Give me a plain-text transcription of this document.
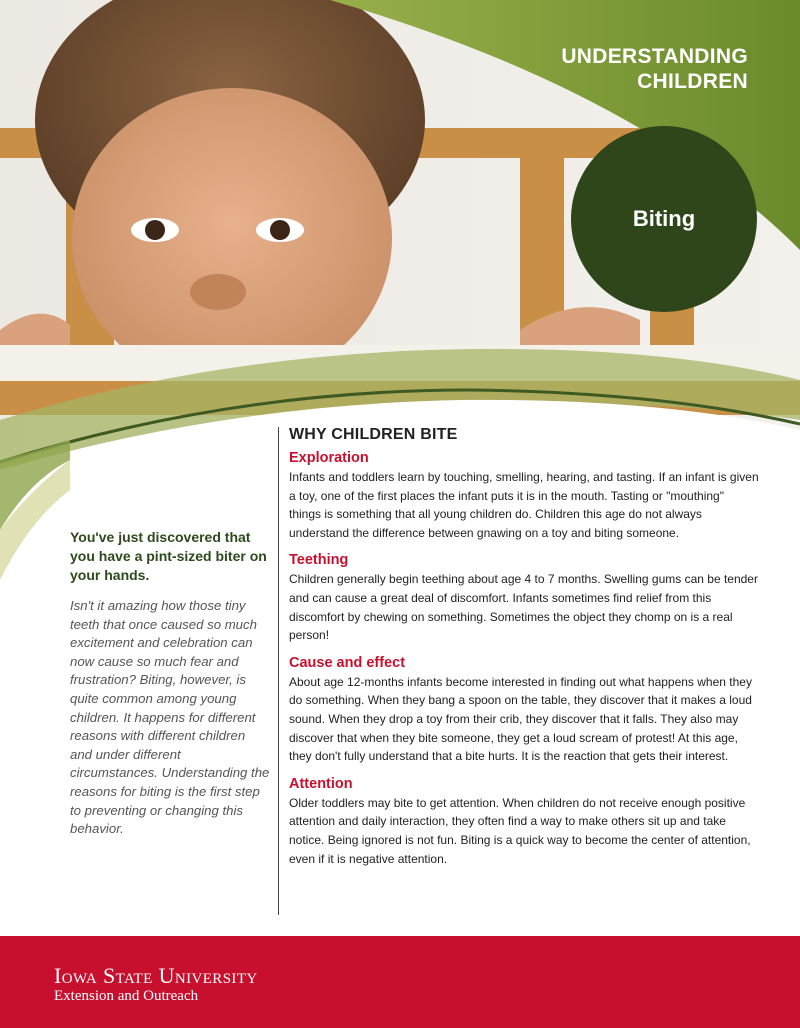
UNDERSTANDING
CHILDREN
Biting
You've just discovered that you have a pint-sized biter on your hands.

Isn't it amazing how those tiny teeth that once caused so much excitement and celebration can now cause so much fear and frustration? Biting, however, is quite common among young children. It happens for different reasons with different children and under different circumstances. Understanding the reasons for biting is the first step to preventing or changing this behavior.

WHY CHILDREN BITE
Exploration

Infants and toddlers learn by touching, smelling, hearing, and tasting. If an infant is given a toy, one of the first places the infant puts it is in the mouth. Tasting or "mouthing" things is something that all young children do. Children this age do not always understand the difference between gnawing on a toy and biting someone.

Teething

Children generally begin teething about age 4 to 7 months. Swelling gums can be tender and can cause a great deal of discomfort. Infants sometimes find relief from this discomfort by chewing on something. Sometimes the object they chomp on is a real person!

Cause and effect

About age 12-months infants become interested in finding out what happens when they do something. When they bang a spoon on the table, they discover that it makes a loud sound. When they drop a toy from their crib, they discover that it falls. They also may discover that when they bite someone, they get a loud scream of protest! At this age, they don't fully understand that a bite hurts. It is the reaction that gets their interest.

Attention

Older toddlers may bite to get attention. When children do not receive enough positive attention and daily interaction, they often find a way to make others sit up and take notice. Being ignored is not fun. Biting is a quick way to become the center of attention, even if it is negative attention.

Iowa State University
Extension and Outreach
